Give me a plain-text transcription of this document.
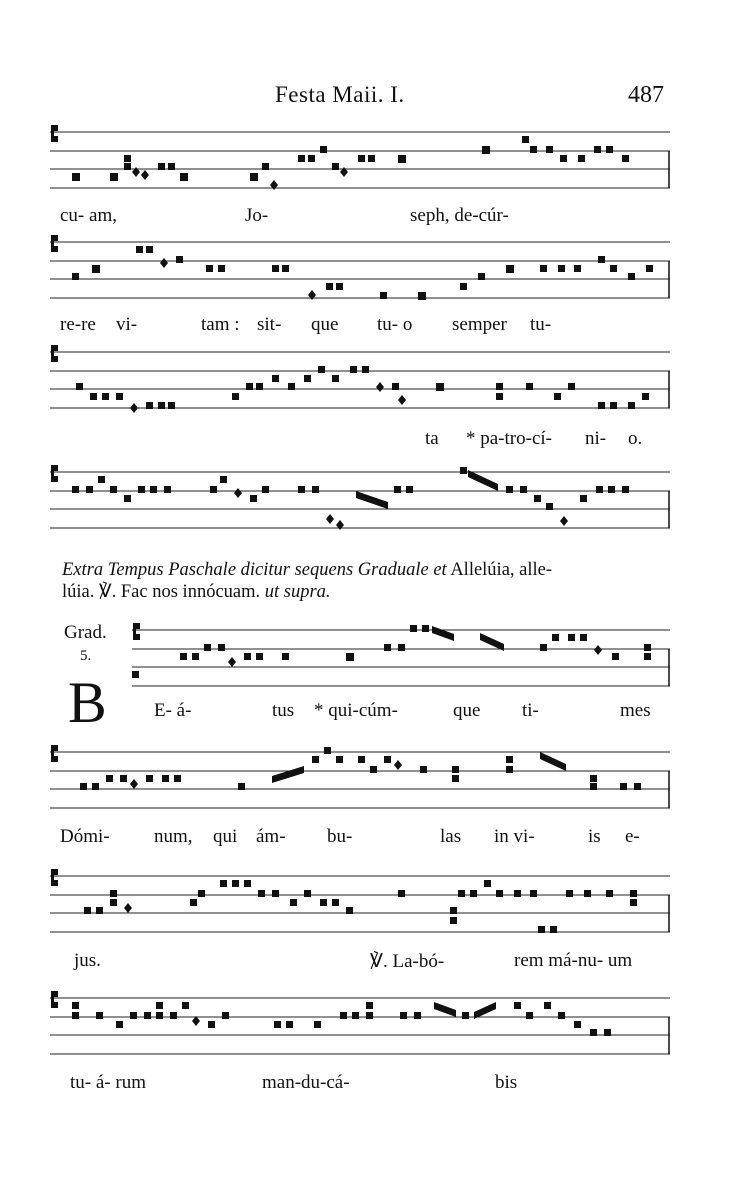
Festa Maii. I.	487
cu- am,	Jo-	seph, de-cúr-
re-re vi-	tam : sit- que tu- o semper tu-
ta * pa-tro-cí- ni- o.
Extra Tempus Paschale dicitur sequens Graduale et Allelúia, alle-
lúia. ℣. Fac nos innócuam. ut supra.
Grad.
5.
B E- á-	tus * qui-cúm-	que ti-	mes
Dómi- num, qui ám- bu-	las in vi-	is e-
jus.	℣. La-bó-	rem má-nu- um
tu- á- rum	man-du-cá-	bis
